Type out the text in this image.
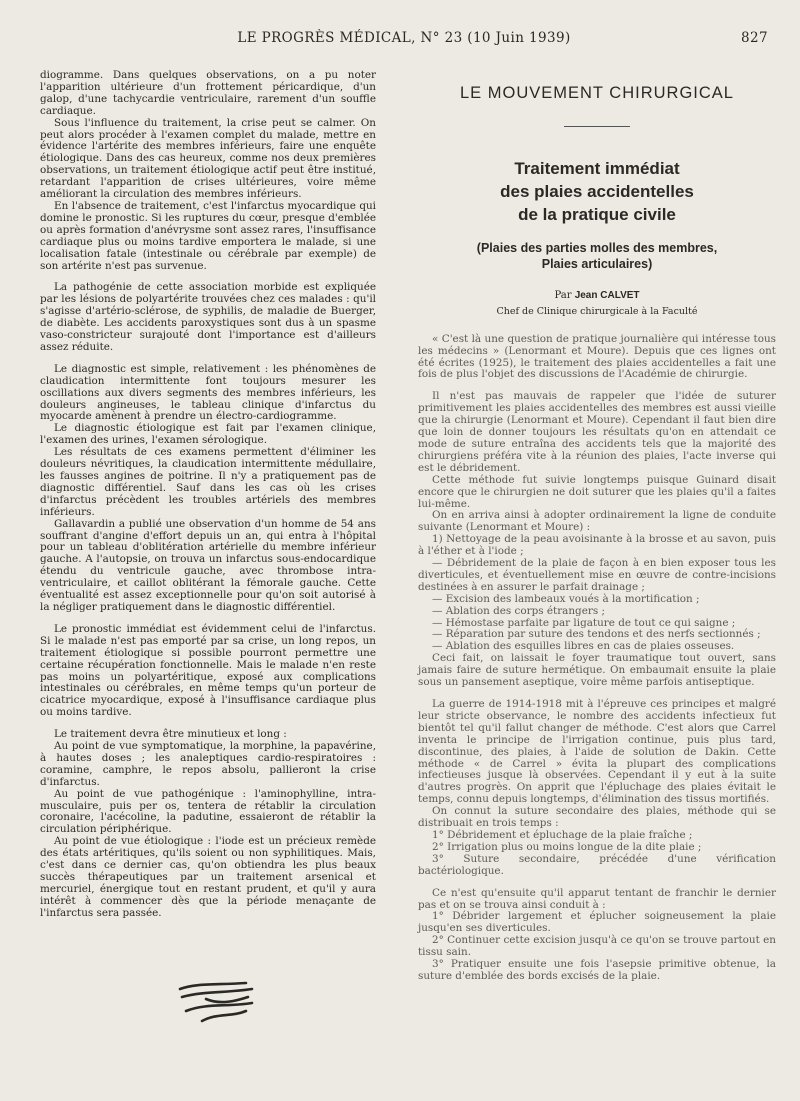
LE PROGRÈS MÉDICAL, N° 23 (10 Juin 1939)	827

diogramme. Dans quelques observations, on a pu noter l'apparition ultérieure d'un frottement péricardique, d'un galop, d'une tachycardie ventriculaire, rarement d'un souffle cardiaque.

Sous l'influence du traitement, la crise peut se calmer. On peut alors procéder à l'examen complet du malade, mettre en évidence l'artérite des membres inférieurs, faire une enquête étiologique. Dans des cas heureux, comme nos deux premières observations, un traitement étiologique actif peut être institué, retardant l'apparition de crises ultérieures, voire même améliorant la circulation des membres inférieurs.

En l'absence de traitement, c'est l'infarctus myocardique qui domine le pronostic. Si les ruptures du cœur, presque d'emblée ou après formation d'anévrysme sont assez rares, l'insuffisance cardiaque plus ou moins tardive emportera le malade, si une localisation fatale (intestinale ou cérébrale par exemple) de son artérite n'est pas survenue.

La pathogénie de cette association morbide est expliquée par les lésions de polyartérite trouvées chez ces malades : qu'il s'agisse d'artério-sclérose, de syphilis, de maladie de Buerger, de diabète. Les accidents paroxystiques sont dus à un spasme vaso-constricteur surajouté dont l'importance est d'ailleurs assez réduite.

Le diagnostic est simple, relativement : les phénomènes de claudication intermittente font toujours mesurer les oscillations aux divers segments des membres inférieurs, les douleurs angineuses, le tableau clinique d'infarctus du myocarde amènent à prendre un électro-cardiogramme.

Le diagnostic étiologique est fait par l'examen clinique, l'examen des urines, l'examen sérologique.

Les résultats de ces examens permettent d'éliminer les douleurs névritiques, la claudication intermittente médullaire, les fausses angines de poitrine. Il n'y a pratiquement pas de diagnostic différentiel. Sauf dans les cas où les crises d'infarctus précèdent les troubles artériels des membres inférieurs.

Gallavardin a publié une observation d'un homme de 54 ans souffrant d'angine d'effort depuis un an, qui entra à l'hôpital pour un tableau d'oblitération artérielle du membre inférieur gauche. A l'autopsie, on trouva un infarctus sous-endocardique étendu du ventricule gauche, avec thrombose intra-ventriculaire, et caillot oblitérant la fémorale gauche. Cette éventualité est assez exceptionnelle pour qu'on soit autorisé à la négliger pratiquement dans le diagnostic différentiel.

Le pronostic immédiat est évidemment celui de l'infarctus. Si le malade n'est pas emporté par sa crise, un long repos, un traitement étiologique si possible pourront permettre une certaine récupération fonctionnelle. Mais le malade n'en reste pas moins un polyartéritique, exposé aux complications intestinales ou cérébrales, en même temps qu'un porteur de cicatrice myocardique, exposé à l'insuffisance cardiaque plus ou moins tardive.

Le traitement devra être minutieux et long :

Au point de vue symptomatique, la morphine, la papavérine, à hautes doses ; les analeptiques cardio-respiratoires : coramine, camphre, le repos absolu, pallieront la crise d'infarctus.

Au point de vue pathogénique : l'aminophylline, intra-musculaire, puis per os, tentera de rétablir la circulation coronaire, l'acécoline, la padutine, essaieront de rétablir la circulation périphérique.

Au point de vue étiologique : l'iode est un précieux remède des états artéritiques, qu'ils soient ou non syphilitiques. Mais, c'est dans ce dernier cas, qu'on obtiendra les plus beaux succès thérapeutiques par un traitement arsenical et mercuriel, énergique tout en restant prudent, et qu'il y aura intérêt à commencer dès que la période menaçante de l'infarctus sera passée.

LE MOUVEMENT CHIRURGICAL
Traitement immédiat
des plaies accidentelles
de la pratique civile
(Plaies des parties molles des membres,
Plaies articulaires)
Par Jean CALVET
Chef de Clinique chirurgicale à la Faculté

« C'est là une question de pratique journalière qui intéresse tous les médecins » (Lenormant et Moure). Depuis que ces lignes ont été écrites (1925), le traitement des plaies accidentelles a fait une fois de plus l'objet des discussions de l'Académie de chirurgie.

Il n'est pas mauvais de rappeler que l'idée de suturer primitivement les plaies accidentelles des membres est aussi vieille que la chirurgie (Lenormant et Moure). Cependant il faut bien dire que loin de donner toujours les résultats qu'on en attendait ce mode de suture entraîna des accidents tels que la majorité des chirurgiens préféra vite à la réunion des plaies, l'acte inverse qui est le débridement.

Cette méthode fut suivie longtemps puisque Guinard disait encore que le chirurgien ne doit suturer que les plaies qu'il a faites lui-même.

On en arriva ainsi à adopter ordinairement la ligne de conduite suivante (Lenormant et Moure) :

1) Nettoyage de la peau avoisinante à la brosse et au savon, puis à l'éther et à l'iode ;

— Débridement de la plaie de façon à en bien exposer tous les diverticules, et éventuellement mise en œuvre de contre-incisions destinées à en assurer le parfait drainage ;

— Excision des lambeaux voués à la mortification ;

— Ablation des corps étrangers ;

— Hémostase parfaite par ligature de tout ce qui saigne ;

— Réparation par suture des tendons et des nerfs sectionnés ;

— Ablation des esquilles libres en cas de plaies osseuses.

Ceci fait, on laissait le foyer traumatique tout ouvert, sans jamais faire de suture hermétique. On embaumait ensuite la plaie sous un pansement aseptique, voire même parfois antiseptique.

La guerre de 1914-1918 mit à l'épreuve ces principes et malgré leur stricte observance, le nombre des accidents infectieux fut bientôt tel qu'il fallut changer de méthode. C'est alors que Carrel inventa le principe de l'irrigation continue, puis plus tard, discontinue, des plaies, à l'aide de solution de Dakin. Cette méthode « de Carrel » évita la plupart des complications infectieuses jusque là observées. Cependant il y eut à la suite d'autres progrès. On apprit que l'épluchage des plaies évitait le temps, connu depuis longtemps, d'élimination des tissus mortifiés.

On connut la suture secondaire des plaies, méthode qui se distribuait en trois temps :

1° Débridement et épluchage de la plaie fraîche ;

2° Irrigation plus ou moins longue de la dite plaie ;

3° Suture secondaire, précédée d'une vérification bactériologique.

Ce n'est qu'ensuite qu'il apparut tentant de franchir le dernier pas et on se trouva ainsi conduit à :

1° Débrider largement et éplucher soigneusement la plaie jusqu'en ses diverticules.

2° Continuer cette excision jusqu'à ce qu'on se trouve partout en tissu sain.

3° Pratiquer ensuite une fois l'asepsie primitive obtenue, la suture d'emblée des bords excisés de la plaie.
